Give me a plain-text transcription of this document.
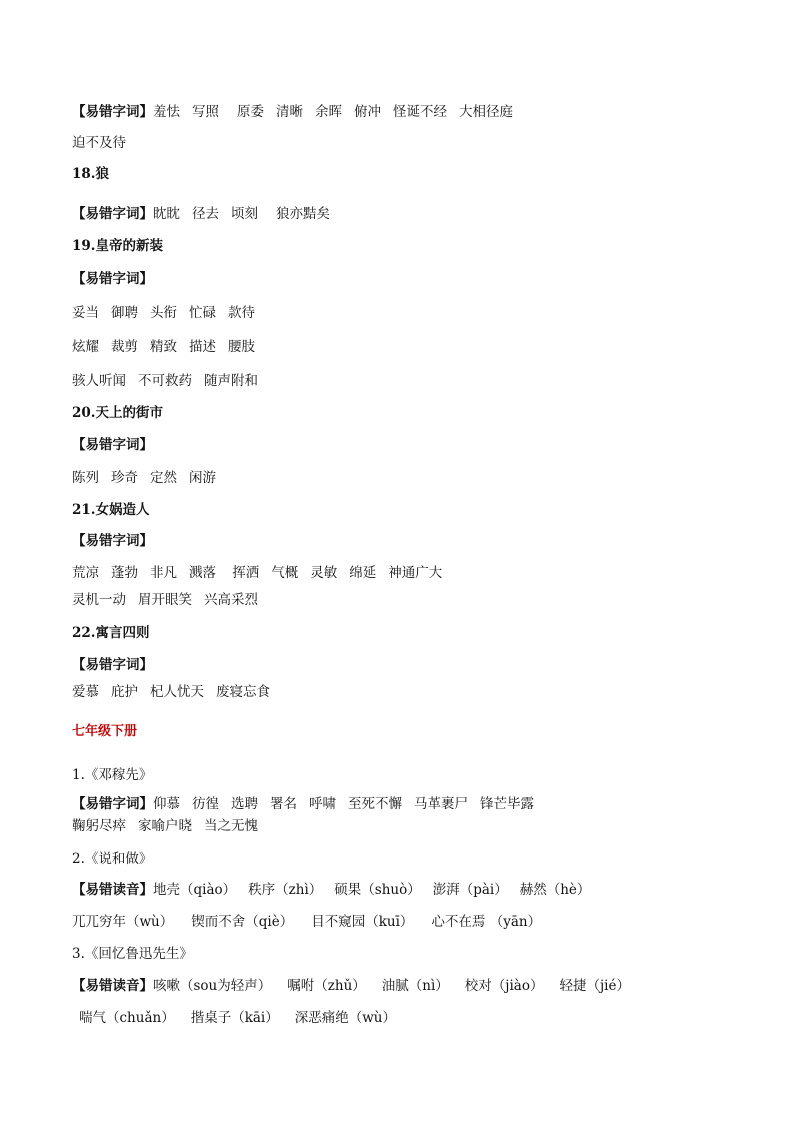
【易错字词】羞怯 写照 原委 清晰 余晖 俯冲 怪诞不经 大相径庭
迫不及待
18.狼
【易错字词】眈眈 径去 顷刻 狼亦黠矣
19.皇帝的新装
【易错字词】
妥当 御聘 头衔 忙碌 款待
炫耀 裁剪 精致 描述 腰肢
骇人听闻 不可救药 随声附和
20.天上的街市
【易错字词】
陈列 珍奇 定然 闲游
21.女娲造人
【易错字词】
荒凉 蓬勃 非凡 溅落 挥洒 气概 灵敏 绵延 神通广大
灵机一动 眉开眼笑 兴高采烈
22.寓言四则
【易错字词】
爱慕 庇护 杞人忧天 废寝忘食
七年级下册
1.《邓稼先》
【易错字词】仰慕 彷徨 选聘 署名 呼啸 至死不懈 马革裹尸 锋芒毕露
鞠躬尽瘁 家喻户晓 当之无愧
2.《说和做》
【易错读音】地壳（qiào） 秩序（zhì） 硕果（shuò） 澎湃（pài） 赫然（hè）
兀兀穷年（wù） 锲而不舍（qiè） 目不窥园（kuī） 心不在焉 （yān）
3.《回忆鲁迅先生》
【易错读音】咳嗽（sou为轻声） 嘱咐（zhǔ） 油腻（nì） 校对（jiào） 轻捷（jié）
喘气（chuǎn） 揩桌子（kāi） 深恶痛绝（wù）
